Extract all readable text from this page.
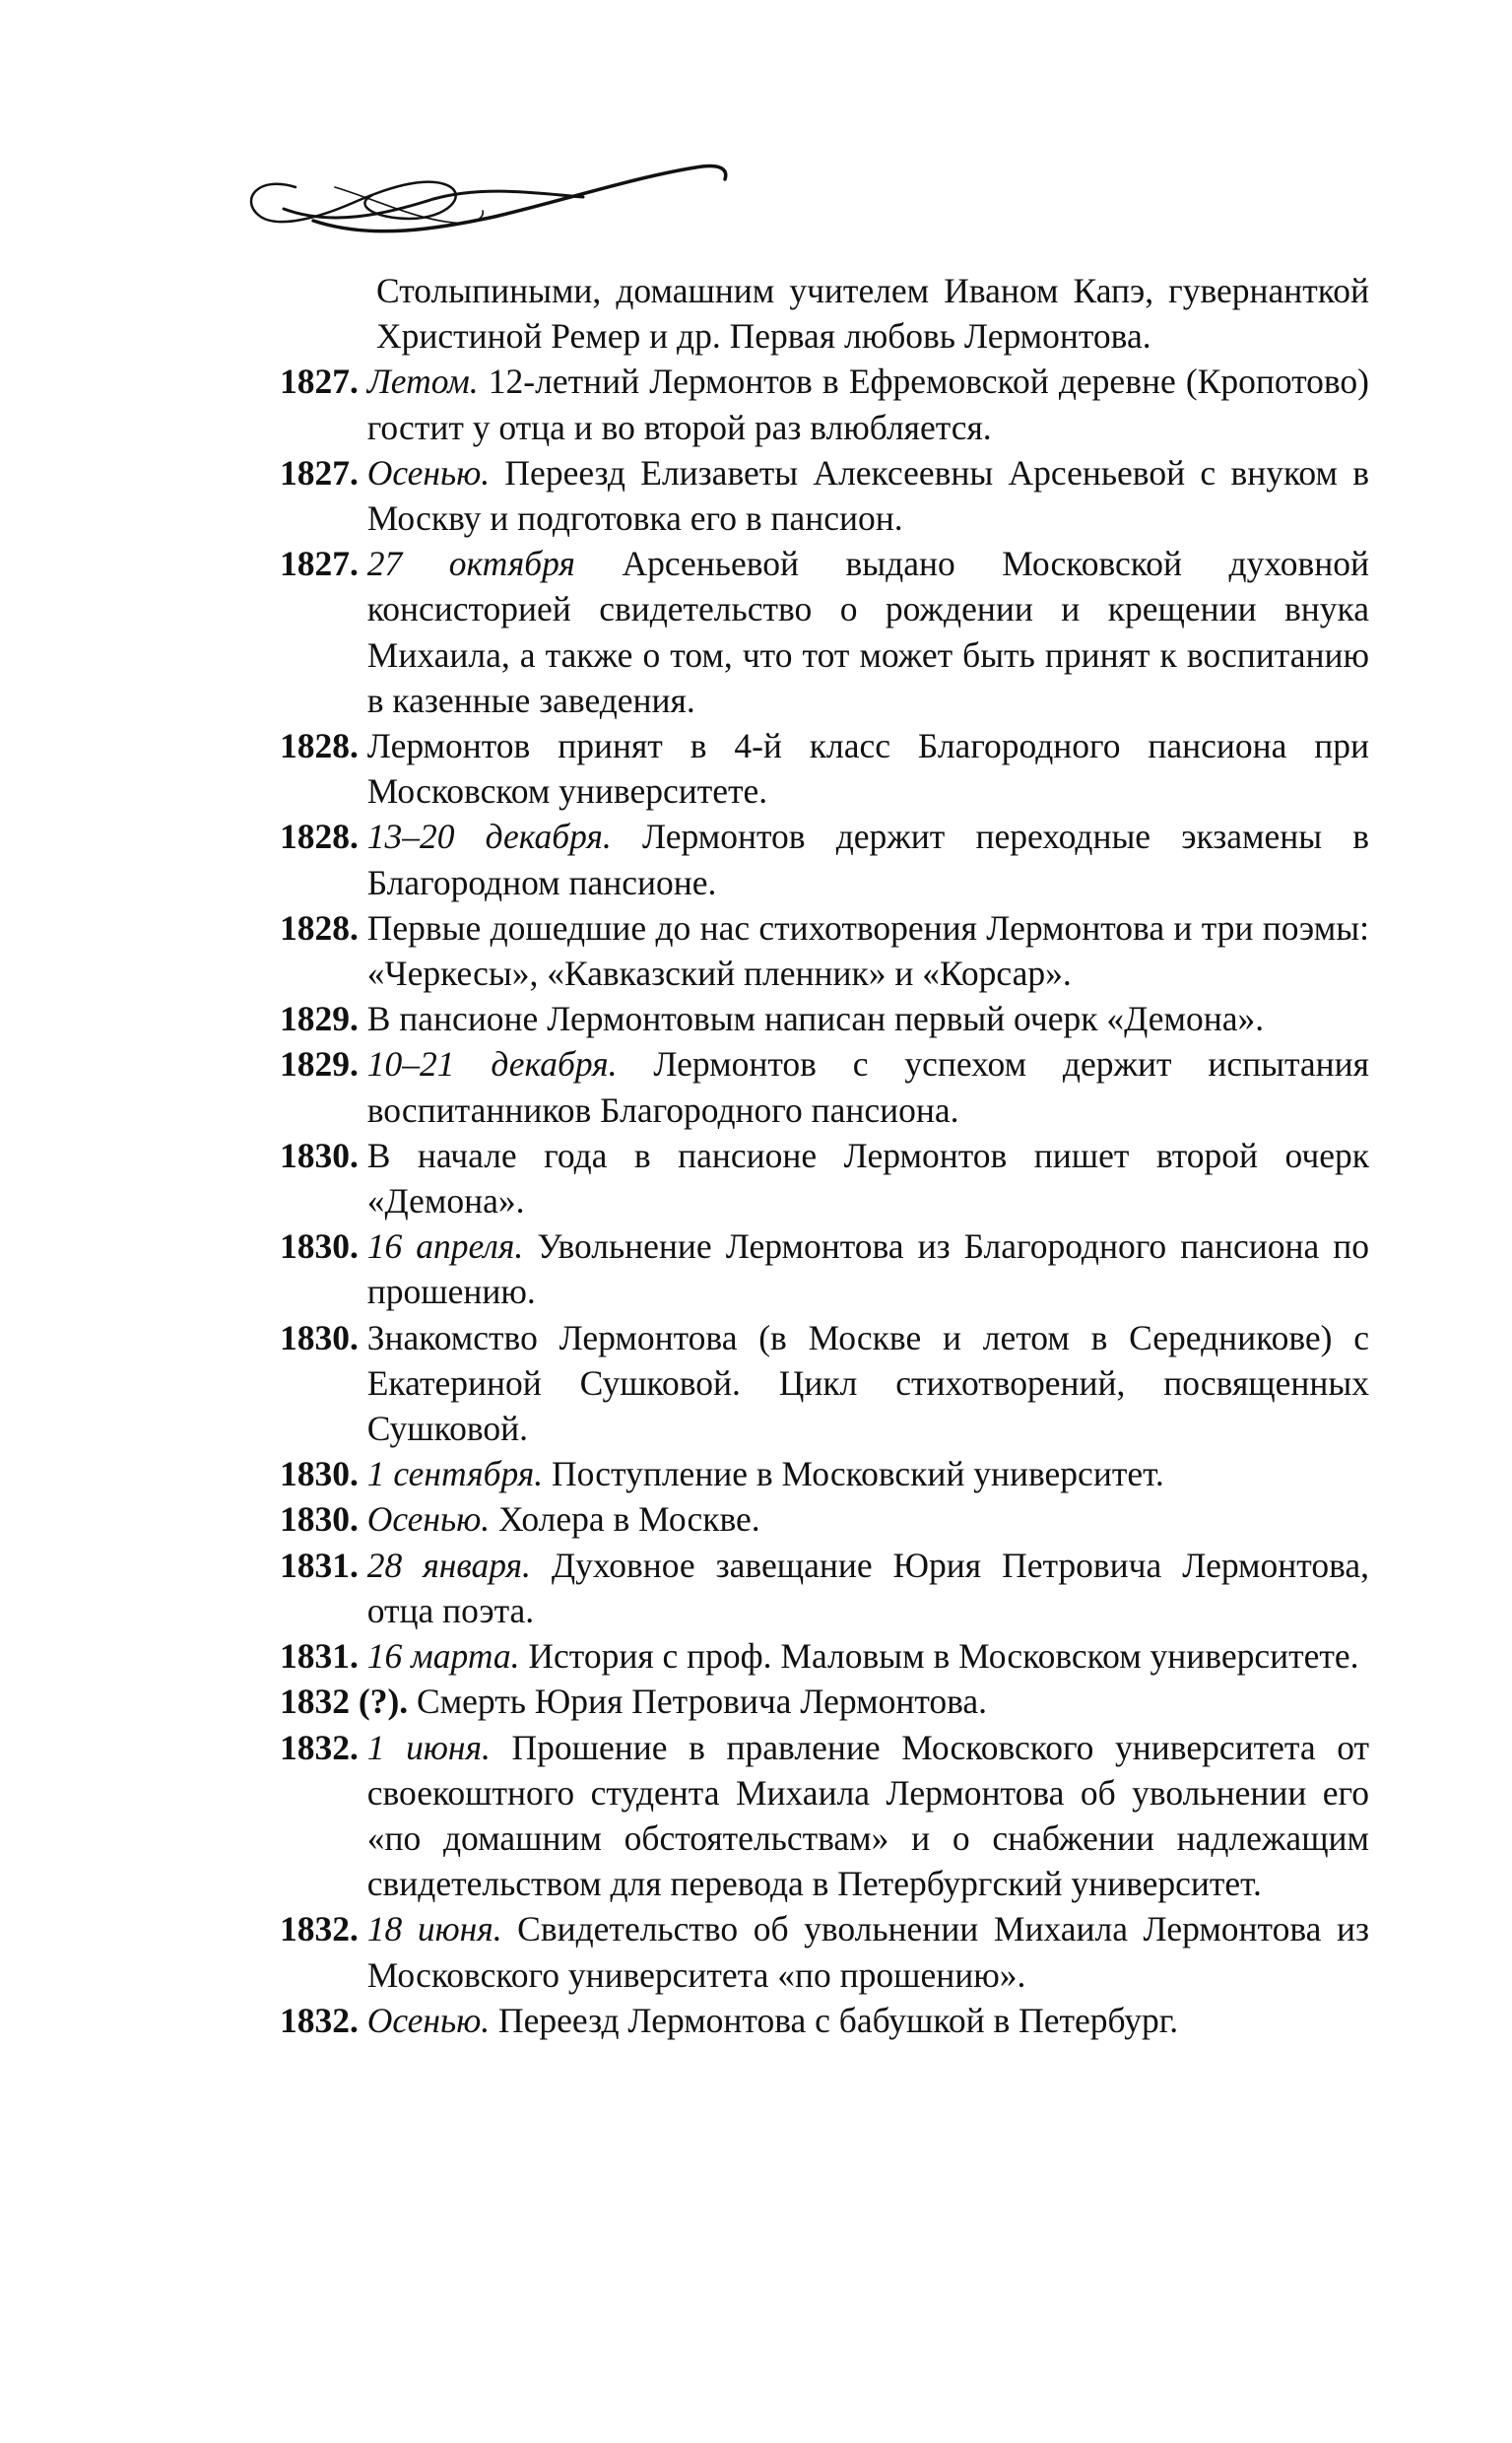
Столыпиными, домашним учителем Иваном Капэ, гувернанткой Христиной Ремер и др. Первая любовь Лермонтова.
1827. Летом. 12-летний Лермонтов в Ефремовской деревне (Кропотово) гостит у отца и во второй раз влюбляется.
1827. Осенью. Переезд Елизаветы Алексеевны Арсеньевой с внуком в Москву и подготовка его в пансион.
1827. 27 октября Арсеньевой выдано Московской духовной консисторией свидетельство о рождении и крещении внука Михаила, а также о том, что тот может быть принят к воспитанию в казенные заведения.
1828. Лермонтов принят в 4-й класс Благородного пансиона при Московском университете.
1828. 13–20 декабря. Лермонтов держит переходные экзамены в Благородном пансионе.
1828. Первые дошедшие до нас стихотворения Лермонтова и три поэмы: «Черкесы», «Кавказский пленник» и «Корсар».
1829. В пансионе Лермонтовым написан первый очерк «Демона».
1829. 10–21 декабря. Лермонтов с успехом держит испытания воспитанников Благородного пансиона.
1830. В начале года в пансионе Лермонтов пишет второй очерк «Демона».
1830. 16 апреля. Увольнение Лермонтова из Благородного пансиона по прошению.
1830. Знакомство Лермонтова (в Москве и летом в Середникове) с Екатериной Сушковой. Цикл стихотворений, посвященных Сушковой.
1830. 1 сентября. Поступление в Московский университет.
1830. Осенью. Холера в Москве.
1831. 28 января. Духовное завещание Юрия Петровича Лермонтова, отца поэта.
1831. 16 марта. История с проф. Маловым в Московском университете.
1832 (?). Смерть Юрия Петровича Лермонтова.
1832. 1 июня. Прошение в правление Московского университета от своекоштного студента Михаила Лермонтова об увольнении его «по домашним обстоятельствам» и о снабжении надлежащим свидетельством для перевода в Петербургский университет.
1832. 18 июня. Свидетельство об увольнении Михаила Лермонтова из Московского университета «по прошению».
1832. Осенью. Переезд Лермонтова с бабушкой в Петербург.
